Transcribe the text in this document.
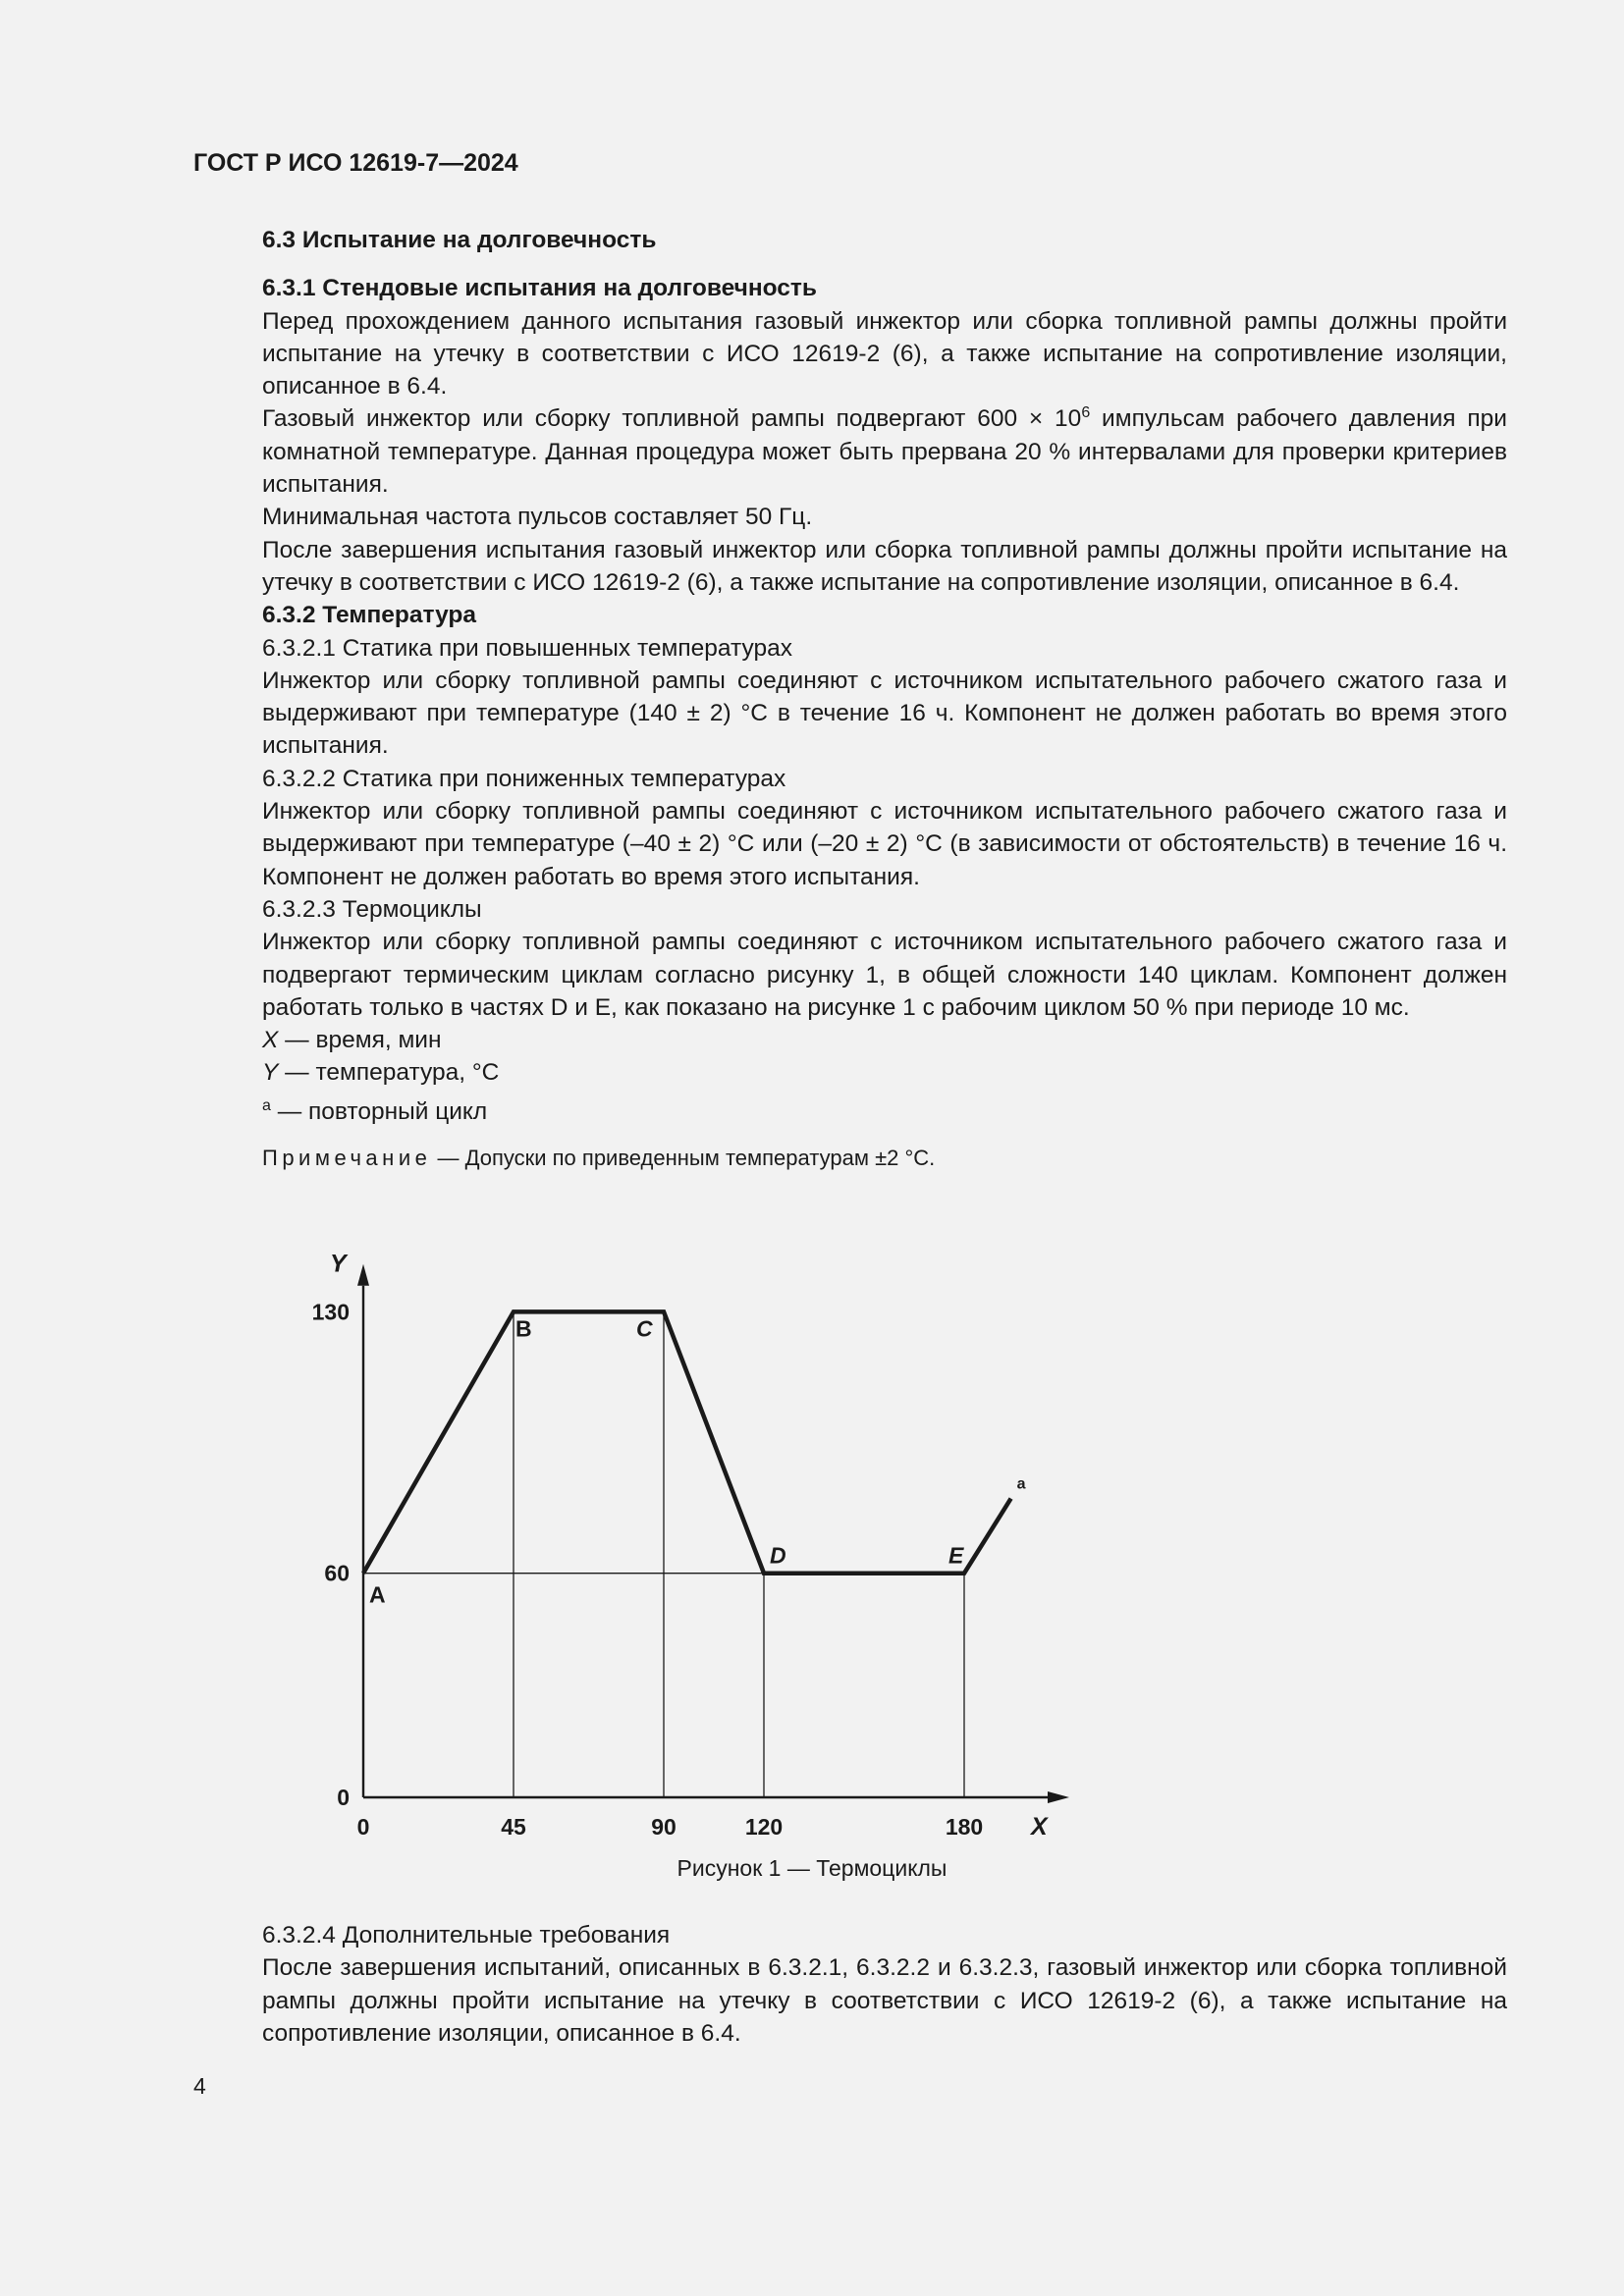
ГОСТ Р ИСО 12619-7—2024

6.3 Испытание на долговечность

6.3.1 Стендовые испытания на долговечность

Перед прохождением данного испытания газовый инжектор или сборка топливной рампы должны пройти испытание на утечку в соответствии с ИСО 12619-2 (6), а также испытание на сопротивление изоляции, описанное в 6.4.

Газовый инжектор или сборку топливной рампы подвергают $600 \times 10^6$ импульсам рабочего давления при комнатной температуре. Данная процедура может быть прервана 20 % интервалами для проверки критериев испытания.

Минимальная частота пульсов составляет 50 Гц.

После завершения испытания газовый инжектор или сборка топливной рампы должны пройти испытание на утечку в соответствии с ИСО 12619-2 (6), а также испытание на сопротивление изоляции, описанное в 6.4.

6.3.2 Температура

6.3.2.1 Статика при повышенных температурах

Инжектор или сборку топливной рампы соединяют с источником испытательного рабочего сжатого газа и выдерживают при температуре (140 ± 2) °C в течение 16 ч. Компонент не должен работать во время этого испытания.

6.3.2.2 Статика при пониженных температурах

Инжектор или сборку топливной рампы соединяют с источником испытательного рабочего сжатого газа и выдерживают при температуре (–40 ± 2) °C или (–20 ± 2) °C (в зависимости от обстоятельств) в течение 16 ч. Компонент не должен работать во время этого испытания.

6.3.2.3 Термоциклы

Инжектор или сборку топливной рампы соединяют с источником испытательного рабочего сжатого газа и подвергают термическим циклам согласно рисунку 1, в общей сложности 140 циклам. Компонент должен работать только в частях D и E, как показано на рисунке 1 с рабочим циклом 50 % при периоде 10 мс.

X — время, мин

Y — температура, °C

$^a$ — повторный цикл

Примечание — Допуски по приведенным температурам ±2 °C.

0	45	90	120	180
0
60
130
X
Y
A
B	C
D	E
a
Рисунок 1 — Термоциклы

6.3.2.4 Дополнительные требования

После завершения испытаний, описанных в 6.3.2.1, 6.3.2.2 и 6.3.2.3, газовый инжектор или сборка топливной рампы должны пройти испытание на утечку в соответствии с ИСО 12619-2 (6), а также испытание на сопротивление изоляции, описанное в 6.4.

4
